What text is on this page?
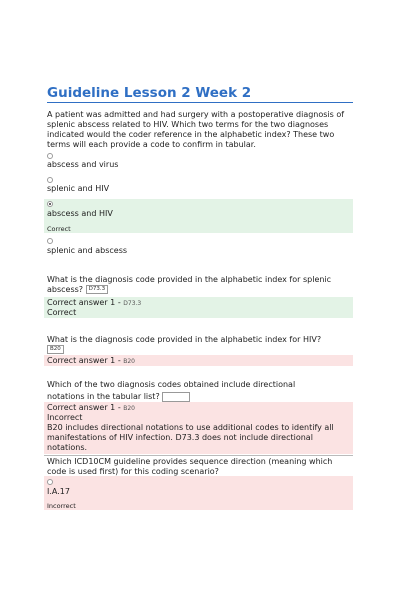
Guideline Lesson 2 Week 2
A patient was admitted and had surgery with a postoperative diagnosis of splenic abscess related to HIV. Which two terms for the two diagnoses indicated would the coder reference in the alphabetic index? These two terms will each provide a code to confirm in tabular.
abscess and virus
splenic and HIV
abscess and HIV
Correct
splenic and abscess
What is the diagnosis code provided in the alphabetic index for splenic abscess? D73.3
Correct answer 1 - D73.3
Correct
What is the diagnosis code provided in the alphabetic index for HIV?
B20
Correct answer 1 - B20
Which of the two diagnosis codes obtained include directional
notations in the tabular list?
Correct answer 1 - B20
Incorrect
B20 includes directional notations to use additional codes to identify all manifestations of HIV infection. D73.3 does not include directional notations.
Which ICD10CM guideline provides sequence direction (meaning which code is used first) for this coding scenario?
I.A.17
Incorrect
